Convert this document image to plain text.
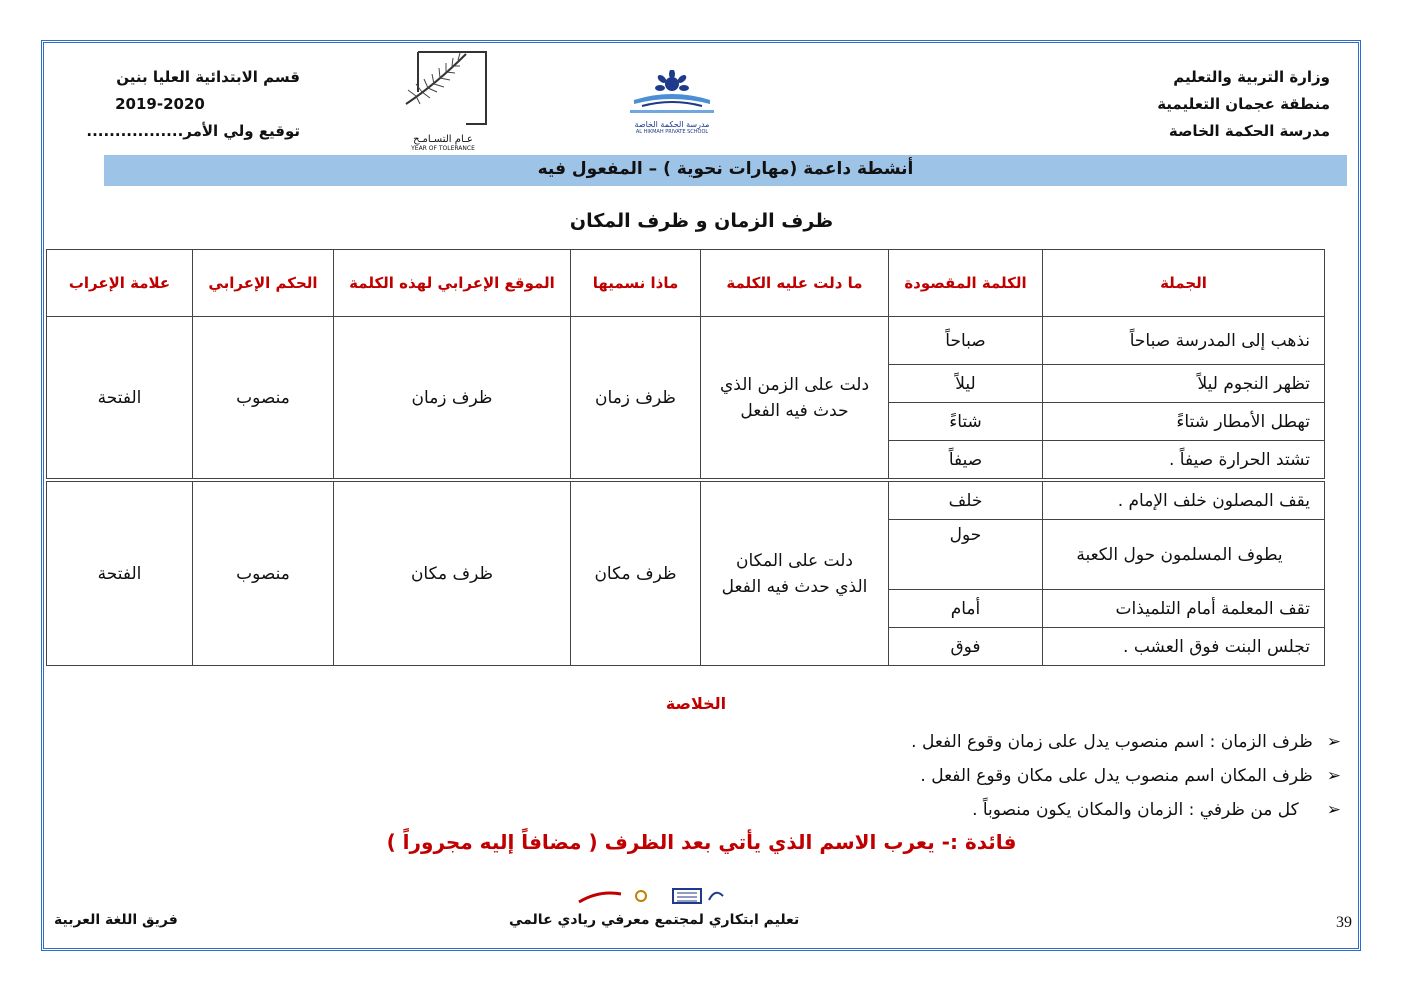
وزارة التربية والتعليم
منطقة عجمان التعليمية
مدرسة الحكمة الخاصة
قسم الابتدائية العليا بنين
2019-2020
توقيع ولي الأمر.................	عـام التسـامـح
YEAR OF TOLERANCE
مدرسة الحكمة الخاصة
AL HIKMAH PRIVATE SCHOOL
أنشطة داعمة (مهارات نحوية ) – المفعول فيه
ظرف الزمان و ظرف المكان
الجملة	الكلمة المقصودة	ما دلت عليه الكلمة	ماذا نسميها	الموقع الإعرابي لهذه الكلمة	الحكم الإعرابي	علامة الإعراب
نذهب إلى المدرسة صباحاً	صباحاً	دلت على الزمن الذي حدث فيه الفعل	ظرف زمان	ظرف زمان	منصوب	الفتحة
تظهر النجوم ليلاً	ليلاً					
تهطل الأمطار شتاءً	شتاءً					
تشتد الحرارة صيفاً .	صيفاً					

يقف المصلون خلف الإمام .	خلف	دلت على المكان الذي حدث فيه الفعل	ظرف مكان	ظرف مكان	منصوب	الفتحة
يطوف المسلمون حول الكعبة	حول					
تقف المعلمة أمام التلميذات	أمام					
تجلس البنت فوق العشب .	فوق					
الخلاصة
➢ظرف الزمان : اسم منصوب يدل على زمان وقوع الفعل .
➢ظرف المكان اسم منصوب يدل على مكان وقوع الفعل .
➢كل من ظرفي : الزمان والمكان يكون منصوباً .
فائدة :- يعرب الاسم الذي يأتي بعد الظرف ( مضافاً إليه مجروراً )
فريق اللغة العربية	تعليم ابتكاري لمجتمع معرفي ريادي عالمي	39
